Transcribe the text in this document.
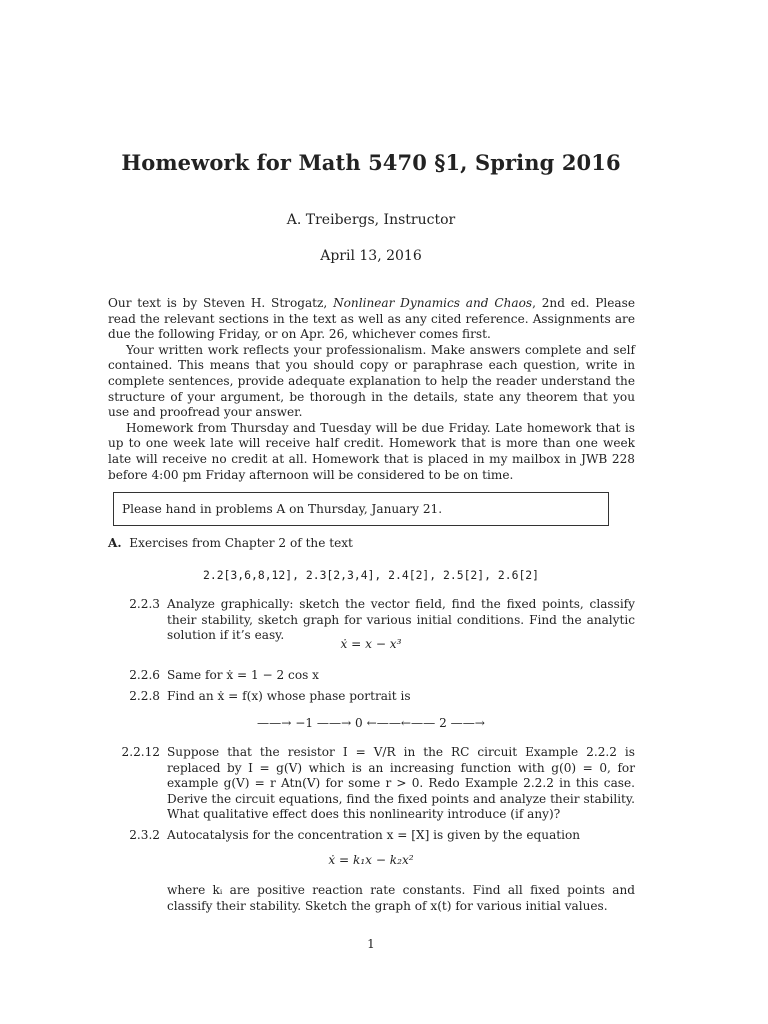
Homework for Math 5470 §1, Spring 2016
A. Treibergs, Instructor
April 13, 2016

Our text is by Steven H. Strogatz, Nonlinear Dynamics and Chaos, 2nd ed. Please read the relevant sections in the text as well as any cited reference. Assignments are due the following Friday, or on Apr. 26, whichever comes first.

Your written work reflects your professionalism. Make answers complete and self contained. This means that you should copy or paraphrase each question, write in complete sentences, provide adequate explanation to help the reader understand the structure of your argument, be thorough in the details, state any theorem that you use and proofread your answer.

Homework from Thursday and Tuesday will be due Friday. Late homework that is up to one week late will receive half credit. Homework that is more than one week late will receive no credit at all. Homework that is placed in my mailbox in JWB 228 before 4:00 pm Friday afternoon will be considered to be on time.

Please hand in problems A on Thursday, January 21.
A. Exercises from Chapter 2 of the text
2.2[3,6,8,12], 2.3[2,3,4], 2.4[2], 2.5[2], 2.6[2]
2.2.3 Analyze graphically: sketch the vector field, find the fixed points, classify their stability, sketch graph for various initial conditions. Find the analytic solution if it’s easy.
ẋ = x − x³
2.2.6 Same for ẋ = 1 − 2 cos x
2.2.8 Find an ẋ = f(x) whose phase portrait is
——→ −1 ——→ 0 ←——←—— 2 ——→
2.2.12 Suppose that the resistor I = V/R in the RC circuit Example 2.2.2 is replaced by I = g(V) which is an increasing function with g(0) = 0, for example g(V) = r Atn(V) for some r > 0. Redo Example 2.2.2 in this case. Derive the circuit equations, find the fixed points and analyze their stability. What qualitative effect does this nonlinearity introduce (if any)?
2.3.2 Autocatalysis for the concentration x = [X] is given by the equation
ẋ = k₁x − k₂x²
where kᵢ are positive reaction rate constants. Find all fixed points and classify their stability. Sketch the graph of x(t) for various initial values.
1
